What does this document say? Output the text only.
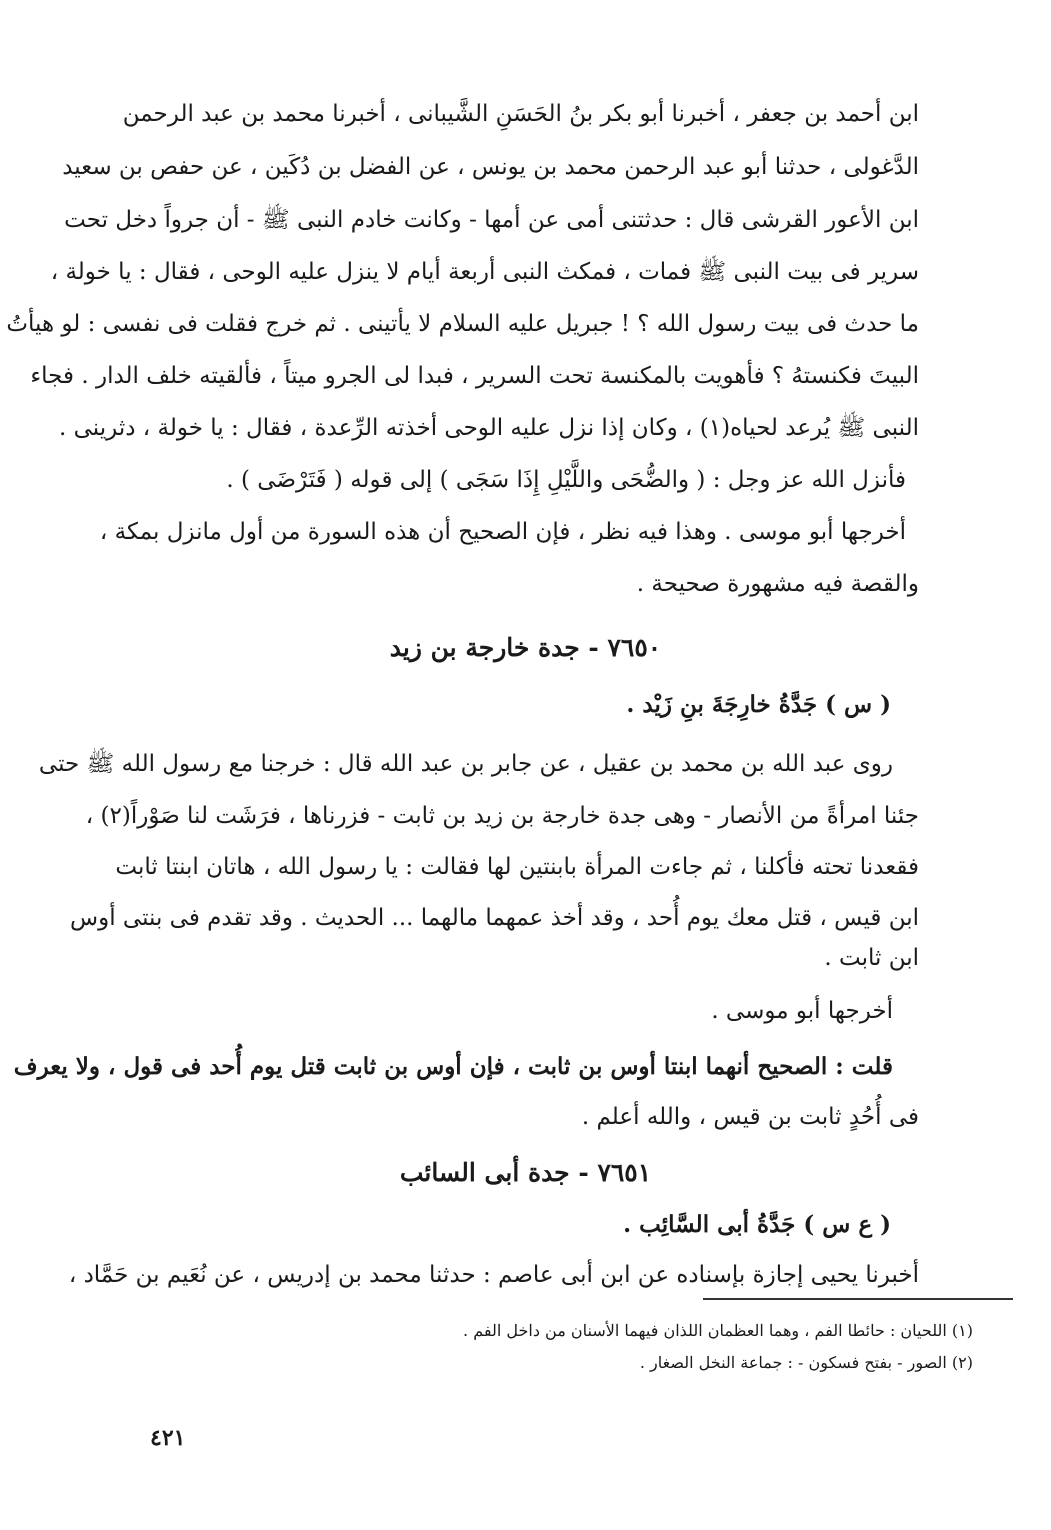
ابن أحمد بن جعفر ، أخبرنا أبو بكر بنُ الحَسَنِ الشَّيبانى ، أخبرنا محمد بن عبد الرحمن
الدَّغولى ، حدثنا أبو عبد الرحمن محمد بن يونس ، عن الفضل بن دُكَين ، عن حفص بن سعيد
ابن الأعور القرشى قال : حدثتنى أمى عن أمها - وكانت خادم النبى ﷺ - أن جرواً دخل تحت
سرير فى بيت النبى ﷺ فمات ، فمكث النبى أربعة أيام لا ينزل عليه الوحى ، فقال : يا خولة ،
ما حدث فى بيت رسول الله ؟ ! جبريل عليه السلام لا يأتينى . ثم خرج فقلت فى نفسى : لو هيأتُ
البيتَ فكنستهُ ؟ فأهويت بالمكنسة تحت السرير ، فبدا لى الجرو ميتاً ، فألقيته خلف الدار . فجاء
النبى ﷺ يُرعد لحياه(١) ، وكان إذا نزل عليه الوحى أخذته الرِّعدة ، فقال : يا خولة ، دثرينى .
فأنزل الله عز وجل : ( والضُّحَى واللَّيْلِ إِذَا سَجَى ) إلى قوله ( فَتَرْضَى ) .
أخرجها أبو موسى . وهذا فيه نظر ، فإن الصحيح أن هذه السورة من أول مانزل بمكة ،
والقصة فيه مشهورة صحيحة .
٧٦٥٠ - جدة خارجة بن زيد
( س ) جَدَّةُ خارِجَةَ بنِ زَيْد .
روى عبد الله بن محمد بن عقيل ، عن جابر بن عبد الله قال : خرجنا مع رسول الله ﷺ حتى
جئنا امرأةً من الأنصار - وهى جدة خارجة بن زيد بن ثابت - فزرناها ، فرَشَت لنا صَوْراً(٢) ،
فقعدنا تحته فأكلنا ، ثم جاءت المرأة بابنتين لها فقالت : يا رسول الله ، هاتان ابنتا ثابت
ابن قيس ، قتل معك يوم أُحد ، وقد أخذ عمهما مالهما ... الحديث . وقد تقدم فى بنتى أوس
ابن ثابت .
أخرجها أبو موسى .
قلت : الصحيح أنهما ابنتا أوس بن ثابت ، فإن أوس بن ثابت قتل يوم أُحد فى قول ، ولا يعرف
فى أُحُدٍ ثابت بن قيس ، والله أعلم .
٧٦٥١ - جدة أبى السائب
( ع س ) جَدَّةُ أبى السَّائِب .
أخبرنا يحيى إجازة بإسناده عن ابن أبى عاصم : حدثنا محمد بن إدريس ، عن نُعَيم بن حَمَّاد ،
(١) اللحيان : حائطا الفم ، وهما العظمان اللذان فيهما الأسنان من داخل الفم .
(٢) الصور - بفتح فسكون - : جماعة النخل الصغار .
٤٢١
